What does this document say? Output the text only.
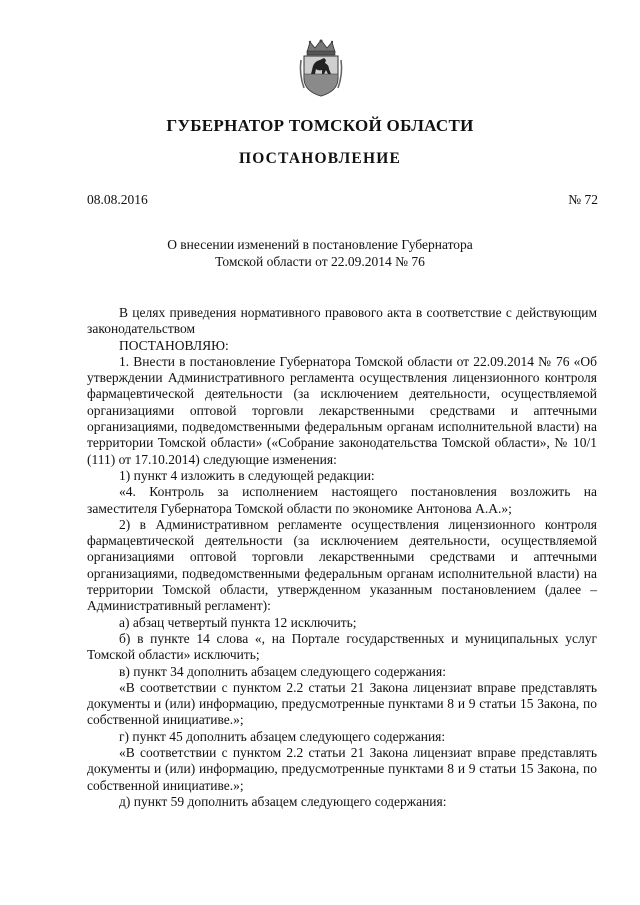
ГУБЕРНАТОР ТОМСКОЙ ОБЛАСТИ
ПОСТАНОВЛЕНИЕ
08.08.2016	№ 72
О внесении изменений в постановление Губернатора
Томской области от 22.09.2014 № 76

В целях приведения нормативного правового акта в соответствие с действующим законодательством

ПОСТАНОВЛЯЮ:

1. Внести в постановление Губернатора Томской области от 22.09.2014 № 76 «Об утверждении Административного регламента осуществления лицензионного контроля фармацевтической деятельности (за исключением деятельности, осуществляемой организациями оптовой торговли лекарственными средствами и аптечными организациями, подведомственными федеральным органам исполнительной власти) на территории Томской области» («Собрание законодательства Томской области», № 10/1 (111) от 17.10.2014) следующие изменения:

1) пункт 4 изложить в следующей редакции:

«4. Контроль за исполнением настоящего постановления возложить на заместителя Губернатора Томской области по экономике Антонова А.А.»;

2) в Административном регламенте осуществления лицензионного контроля фармацевтической деятельности (за исключением деятельности, осуществляемой организациями оптовой торговли лекарственными средствами и аптечными организациями, подведомственными федеральным органам исполнительной власти) на территории Томской области, утвержденном указанным постановлением (далее – Административный регламент):

а) абзац четвертый пункта 12 исключить;

б) в пункте 14 слова «, на Портале государственных и муниципальных услуг Томской области» исключить;

в) пункт 34 дополнить абзацем следующего содержания:

«В соответствии с пунктом 2.2 статьи 21 Закона лицензиат вправе представлять документы и (или) информацию, предусмотренные пунктами 8 и 9 статьи 15 Закона, по собственной инициативе.»;

г) пункт 45 дополнить абзацем следующего содержания:

«В соответствии с пунктом 2.2 статьи 21 Закона лицензиат вправе представлять документы и (или) информацию, предусмотренные пунктами 8 и 9 статьи 15 Закона, по собственной инициативе.»;

д) пункт 59 дополнить абзацем следующего содержания:
